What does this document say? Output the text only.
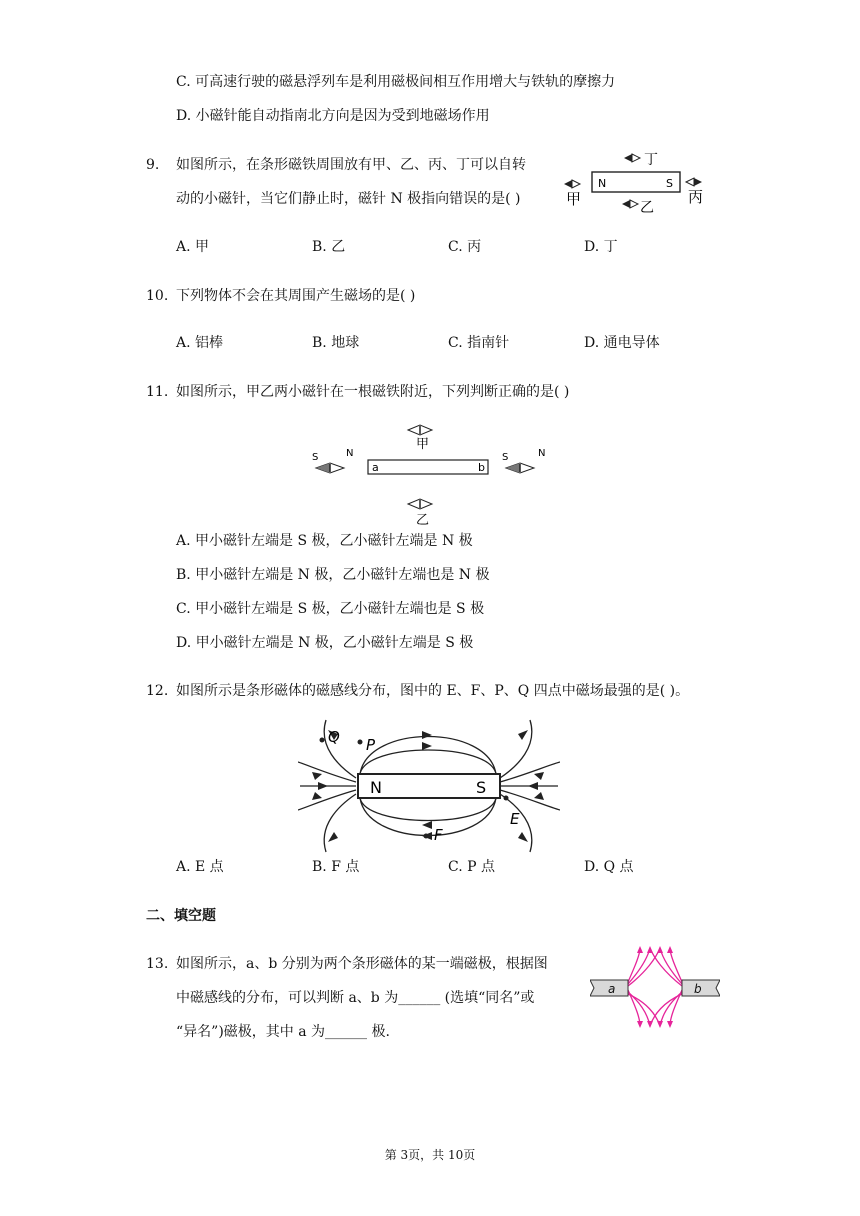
C. 可高速行驶的磁悬浮列车是利用磁极间相互作用增大与铁轨的摩擦力
D. 小磁针能自动指南北方向是因为受到地磁场作用
9. 如图所示，在条形磁铁周围放有甲、乙、丙、丁可以自转
动的小磁针，当它们静止时，磁针 N 极指向错误的是( )
丁
N	S
甲	丙
乙
A. 甲	B. 乙	C. 丙	D. 丁
10. 下列物体不会在其周围产生磁场的是( )
A. 铝棒	B. 地球	C. 指南针	D. 通电导体
11. 如图所示，甲乙两小磁针在一根磁铁附近，下列判断正确的是( )
甲
S	N
a	b
S	N
乙
A. 甲小磁针左端是 S 极，乙小磁针左端是 N 极
B. 甲小磁针左端是 N 极，乙小磁针左端也是 N 极
C. 甲小磁针左端是 S 极，乙小磁针左端也是 S 极
D. 甲小磁针左端是 N 极，乙小磁针左端是 S 极
12. 如图所示是条形磁体的磁感线分布，图中的 E、F、P、Q 四点中磁场最强的是( )。
N	S
Q P
F
E
A. E 点	B. F 点	C. P 点	D. Q 点
二、填空题
13. 如图所示，a、b 分别为两个条形磁体的某一端磁极，根据图
中磁感线的分布，可以判断 a、b 为______ (选填“同名”或
“异名”)磁极，其中 a 为______ 极.
a	b
第 3页，共 10页
